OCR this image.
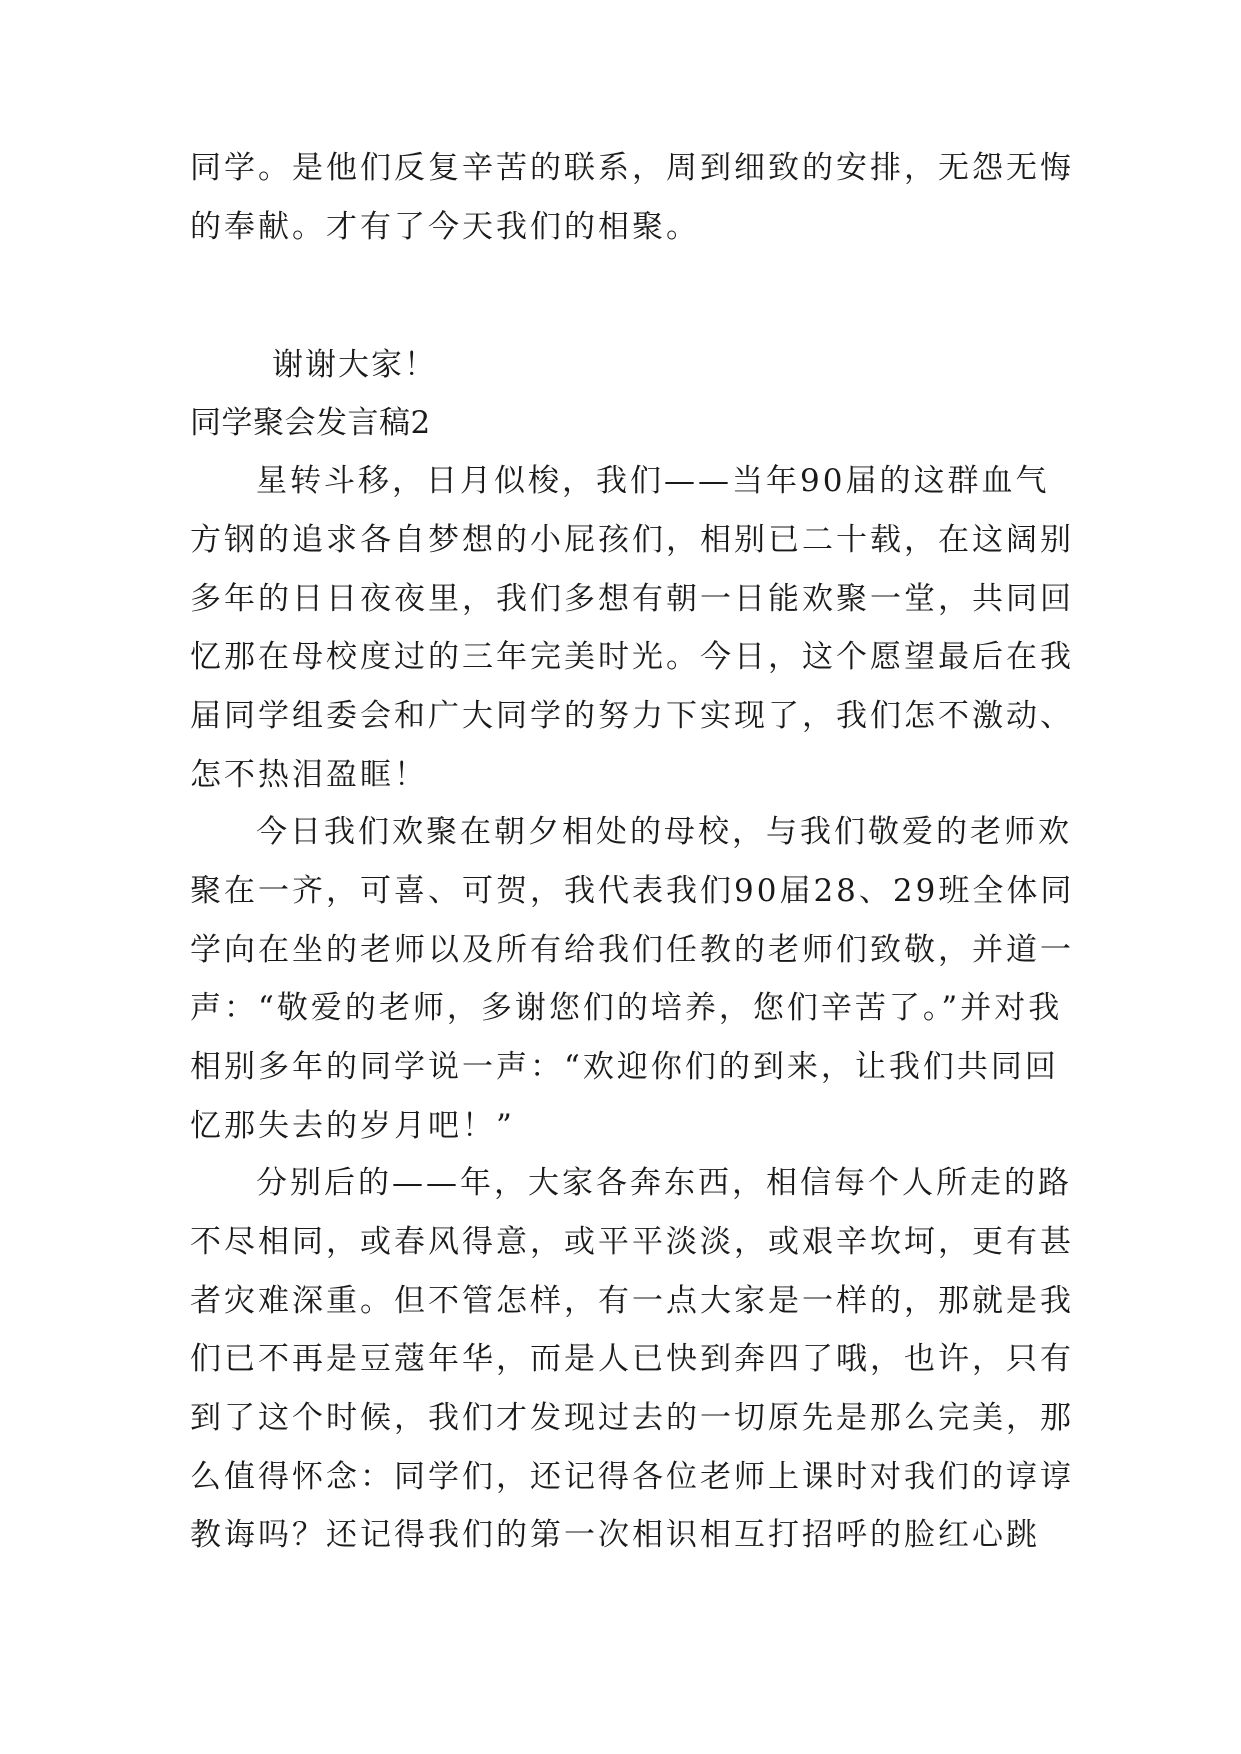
同学。是他们反复辛苦的联系，周到细致的安排，无怨无悔
的奉献。才有了今天我们的相聚。
谢谢大家！
同学聚会发言稿2
星转斗移，日月似梭，我们——当年90届的这群血气
方钢的追求各自梦想的小屁孩们，相别已二十载，在这阔别
多年的日日夜夜里，我们多想有朝一日能欢聚一堂，共同回
忆那在母校度过的三年完美时光。今日，这个愿望最后在我
届同学组委会和广大同学的努力下实现了，我们怎不激动、
怎不热泪盈眶！
今日我们欢聚在朝夕相处的母校，与我们敬爱的老师欢
聚在一齐，可喜、可贺，我代表我们90届28、29班全体同
学向在坐的老师以及所有给我们任教的老师们致敬，并道一
声：“敬爱的老师，多谢您们的培养，您们辛苦了。”并对我
相别多年的同学说一声：“欢迎你们的到来，让我们共同回
忆那失去的岁月吧！”
分别后的——年，大家各奔东西，相信每个人所走的路
不尽相同，或春风得意，或平平淡淡，或艰辛坎坷，更有甚
者灾难深重。但不管怎样，有一点大家是一样的，那就是我
们已不再是豆蔻年华，而是人已快到奔四了哦，也许，只有
到了这个时候，我们才发现过去的一切原先是那么完美，那
么值得怀念：同学们，还记得各位老师上课时对我们的谆谆
教诲吗？还记得我们的第一次相识相互打招呼的脸红心跳
